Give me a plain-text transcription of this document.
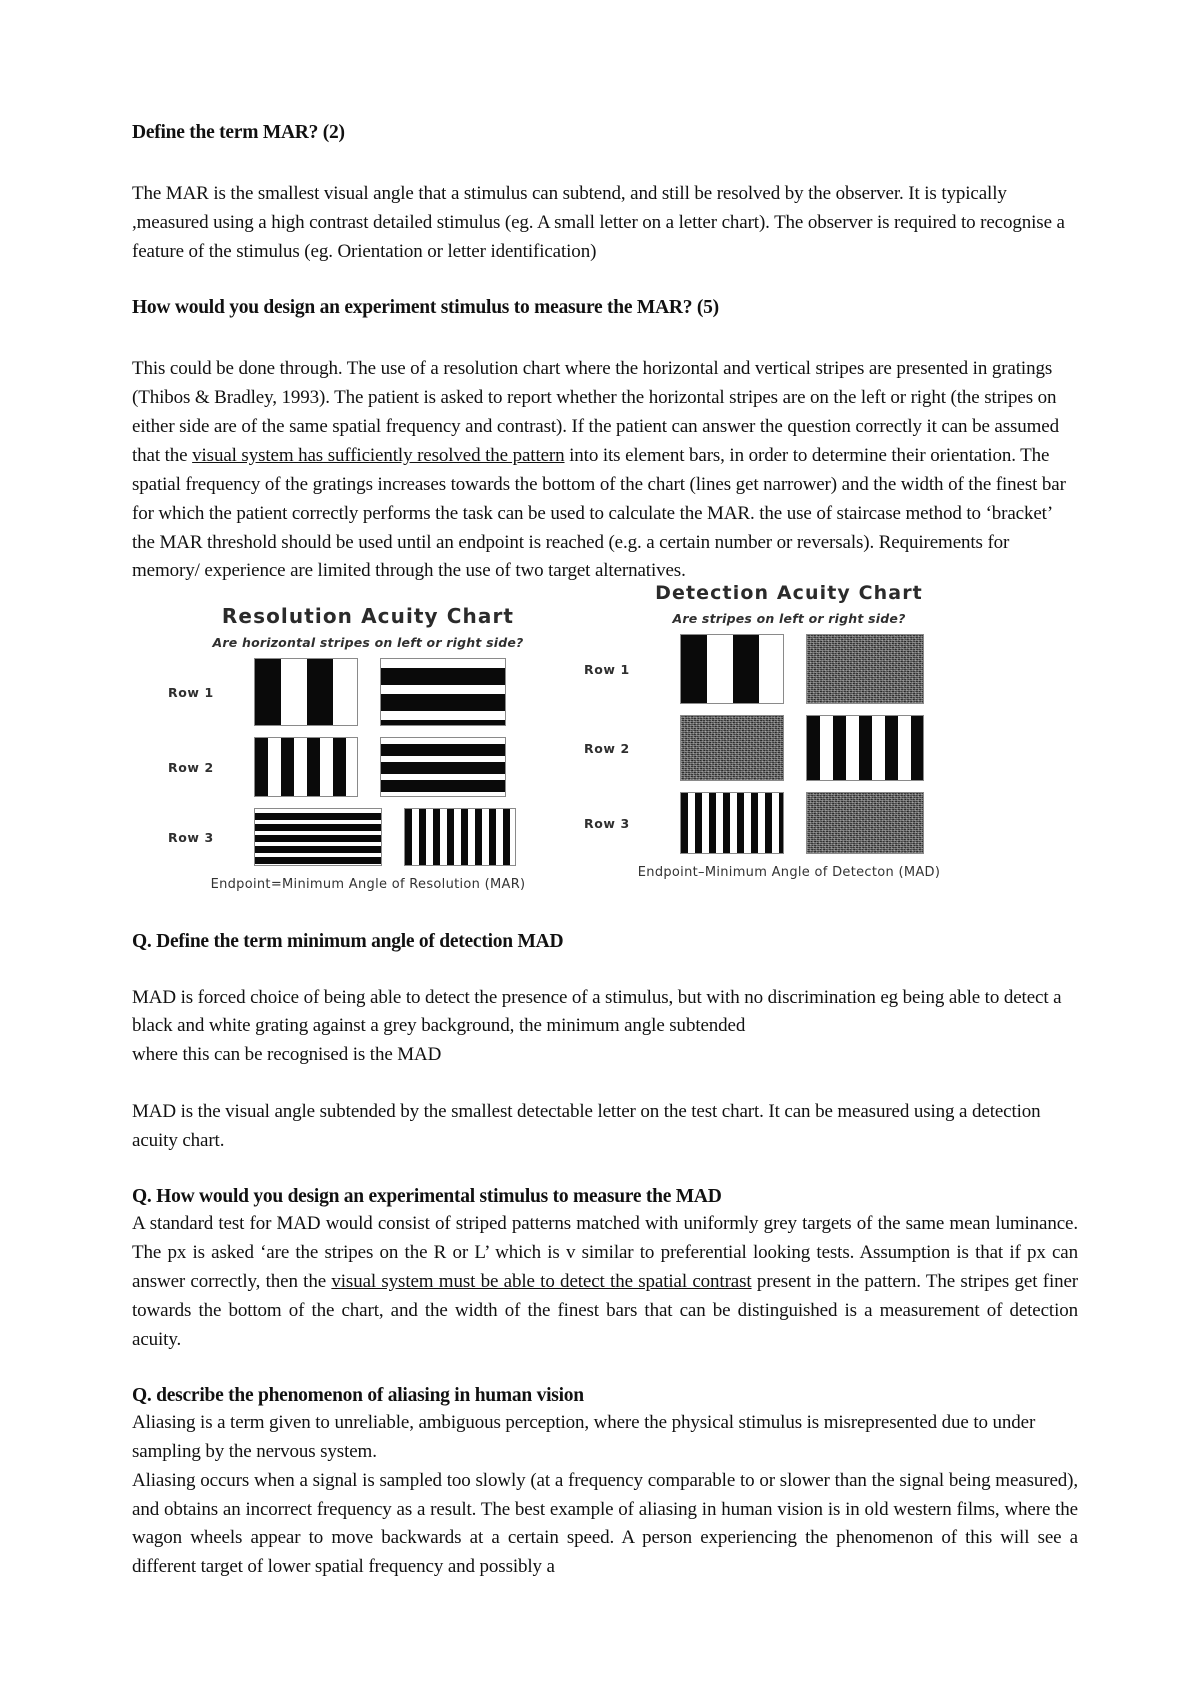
Define the term MAR? (2)

The MAR is the smallest visual angle that a stimulus can subtend, and still be resolved by the observer. It is typically ,measured using a high contrast detailed stimulus (eg. A small letter on a letter chart). The observer is required to recognise a feature of the stimulus (eg. Orientation or letter identification)

How would you design an experiment stimulus to measure the MAR? (5)

This could be done through. The use of a resolution chart where the horizontal and vertical stripes are presented in gratings (Thibos & Bradley, 1993). The patient is asked to report whether the horizontal stripes are on the left or right (the stripes on either side are of the same spatial frequency and contrast). If the patient can answer the question correctly it can be assumed that the visual system has sufficiently resolved the pattern into its element bars, in order to determine their orientation. The spatial frequency of the gratings increases towards the bottom of the chart (lines get narrower) and the width of the finest bar for which the patient correctly performs the task can be used to calculate the MAR. the use of staircase method to ‘bracket’ the MAR threshold should be used until an endpoint is reached (e.g. a certain number or reversals). Requirements for memory/ experience are limited through the use of two target alternatives.

Resolution Acuity Chart
Are horizontal stripes on left or right side?
Row 1
Row 2
Row 3
Endpoint=Minimum Angle of Resolution (MAR)
Detection Acuity Chart
Are stripes on left or right side?
Row 1
Row 2
Row 3
Endpoint–Minimum Angle of Detecton (MAD)
Q. Define the term minimum angle of detection MAD

MAD is forced choice of being able to detect the presence of a stimulus, but with no discrimination eg being able to detect a black and white grating against a grey background, the minimum angle subtended

where this can be recognised is the MAD

MAD is the visual angle subtended by the smallest detectable letter on the test chart. It can be measured using a detection acuity chart.

Q. How would you design an experimental stimulus to measure the MAD

A standard test for MAD would consist of striped patterns matched with uniformly grey targets of the same mean luminance. The px is asked ‘are the stripes on the R or L’ which is v similar to preferential looking tests. Assumption is that if px can answer correctly, then the visual system must be able to detect the spatial contrast present in the pattern. The stripes get finer towards the bottom of the chart, and the width of the finest bars that can be distinguished is a measurement of detection acuity.

Q. describe the phenomenon of aliasing in human vision

Aliasing is a term given to unreliable, ambiguous perception, where the physical stimulus is misrepresented due to under sampling by the nervous system.

Aliasing occurs when a signal is sampled too slowly (at a frequency comparable to or slower than the signal being measured), and obtains an incorrect frequency as a result. The best example of aliasing in human vision is in old western films, where the wagon wheels appear to move backwards at a certain speed. A person experiencing the phenomenon of this will see a different target of lower spatial frequency and possibly a
